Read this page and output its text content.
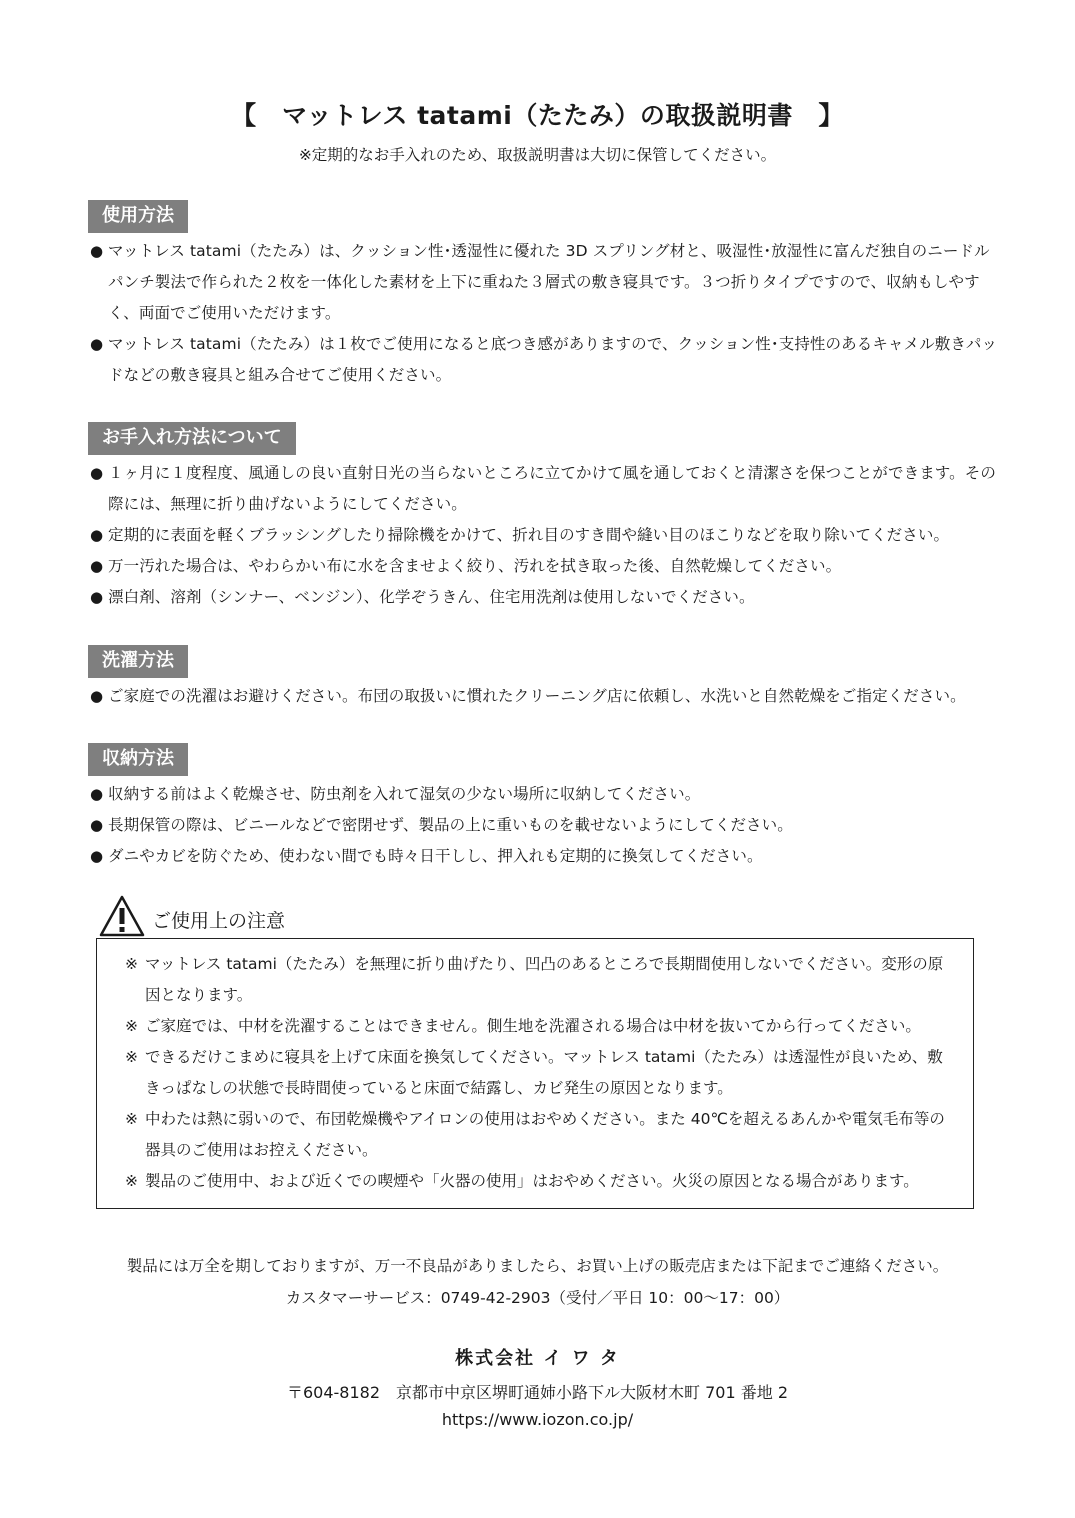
【　マットレス tatami（たたみ）の取扱説明書　】
※定期的なお手入れのため、取扱説明書は大切に保管してください。
使用方法
● マットレス tatami（たたみ）は、クッション性･透湿性に優れた 3D スプリング材と、吸湿性･放湿性に富んだ独自のニードルパンチ製法で作られた２枚を一体化した素材を上下に重ねた３層式の敷き寝具です。３つ折りタイプですので、収納もしやすく、両面でご使用いただけます。
● マットレス tatami（たたみ）は１枚でご使用になると底つき感がありますので、クッション性･支持性のあるキャメル敷きパッドなどの敷き寝具と組み合せてご使用ください。
お手入れ方法について
● １ヶ月に１度程度、風通しの良い直射日光の当らないところに立てかけて風を通しておくと清潔さを保つことができます。その際には、無理に折り曲げないようにしてください。
● 定期的に表面を軽くブラッシングしたり掃除機をかけて、折れ目のすき間や縫い目のほこりなどを取り除いてください。
● 万一汚れた場合は、やわらかい布に水を含ませよく絞り、汚れを拭き取った後、自然乾燥してください。
● 漂白剤、溶剤（シンナー、ベンジン）、化学ぞうきん、住宅用洗剤は使用しないでください。
洗濯方法
● ご家庭での洗濯はお避けください。布団の取扱いに慣れたクリーニング店に依頼し、水洗いと自然乾燥をご指定ください。
収納方法
● 収納する前はよく乾燥させ、防虫剤を入れて湿気の少ない場所に収納してください。
● 長期保管の際は、ビニールなどで密閉せず、製品の上に重いものを載せないようにしてください。
● ダニやカビを防ぐため、使わない間でも時々日干しし、押入れも定期的に換気してください。
ご使用上の注意
※ マットレス tatami（たたみ）を無理に折り曲げたり、凹凸のあるところで長期間使用しないでください。変形の原因となります。
※ ご家庭では、中材を洗濯することはできません。側生地を洗濯される場合は中材を抜いてから行ってください。
※ できるだけこまめに寝具を上げて床面を換気してください。マットレス tatami（たたみ）は透湿性が良いため、敷きっぱなしの状態で長時間使っていると床面で結露し、カビ発生の原因となります。
※ 中わたは熱に弱いので、布団乾燥機やアイロンの使用はおやめください。また 40℃を超えるあんかや電気毛布等の器具のご使用はお控えください。
※ 製品のご使用中、および近くでの喫煙や「火器の使用」はおやめください。火災の原因となる場合があります。
製品には万全を期しておりますが、万一不良品がありましたら、お買い上げの販売店または下記までご連絡ください。
カスタマーサービス：0749-42-2903（受付／平日 10：00～17：00）
株式会社 イ ワ タ
〒604-8182　京都市中京区堺町通姉小路下ル大阪材木町 701 番地 2
https://www.iozon.co.jp/
